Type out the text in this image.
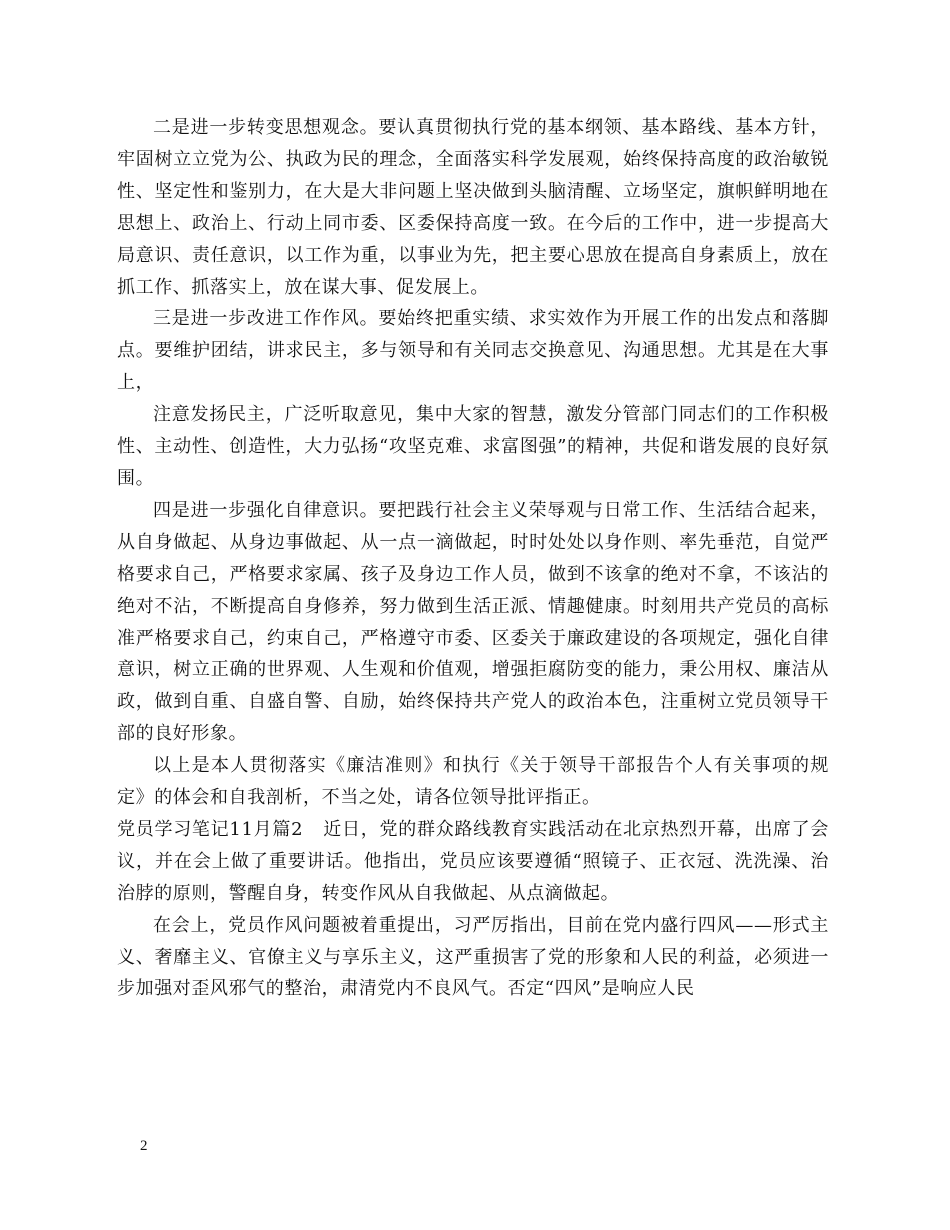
二是进一步转变思想观念。要认真贯彻执行党的基本纲领、基本路线、基本方针，牢固树立立党为公、执政为民的理念，全面落实科学发展观，始终保持高度的政治敏锐性、坚定性和鉴别力，在大是大非问题上坚决做到头脑清醒、立场坚定，旗帜鲜明地在思想上、政治上、行动上同市委、区委保持高度一致。在今后的工作中，进一步提高大局意识、责任意识，以工作为重，以事业为先，把主要心思放在提高自身素质上，放在抓工作、抓落实上，放在谋大事、促发展上。

三是进一步改进工作作风。要始终把重实绩、求实效作为开展工作的出发点和落脚点。要维护团结，讲求民主，多与领导和有关同志交换意见、沟通思想。尤其是在大事上，

注意发扬民主，广泛听取意见，集中大家的智慧，激发分管部门同志们的工作积极性、主动性、创造性，大力弘扬“攻坚克难、求富图强”的精神，共促和谐发展的良好氛围。

四是进一步强化自律意识。要把践行社会主义荣辱观与日常工作、生活结合起来，从自身做起、从身边事做起、从一点一滴做起，时时处处以身作则、率先垂范，自觉严格要求自己，严格要求家属、孩子及身边工作人员，做到不该拿的绝对不拿，不该沾的绝对不沾，不断提高自身修养，努力做到生活正派、情趣健康。时刻用共产党员的高标准严格要求自己，约束自己，严格遵守市委、区委关于廉政建设的各项规定，强化自律意识，树立正确的世界观、人生观和价值观，增强拒腐防变的能力，秉公用权、廉洁从政，做到自重、自盛自警、自励，始终保持共产党人的政治本色，注重树立党员领导干部的良好形象。

以上是本人贯彻落实《廉洁准则》和执行《关于领导干部报告个人有关事项的规定》的体会和自我剖析，不当之处，请各位领导批评指正。

党员学习笔记11月篇2 近日，党的群众路线教育实践活动在北京热烈开幕，出席了会议，并在会上做了重要讲话。他指出，党员应该要遵循“照镜子、正衣冠、洗洗澡、治治脖的原则，警醒自身，转变作风从自我做起、从点滴做起。

在会上，党员作风问题被着重提出，习严厉指出，目前在党内盛行四风——形式主义、奢靡主义、官僚主义与享乐主义，这严重损害了党的形象和人民的利益，必须进一步加强对歪风邪气的整治，肃清党内不良风气。否定“四风”是响应人民

2
